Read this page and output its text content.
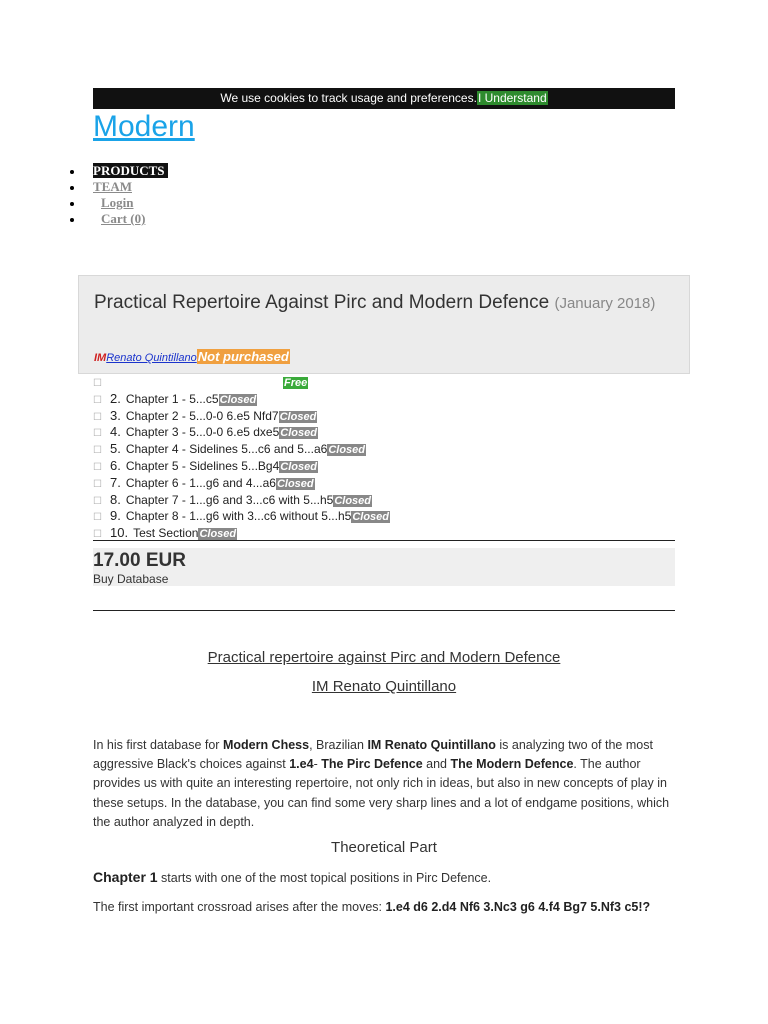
We use cookies to track usage and preferences.I Understand
Modern
PRODUCTS
TEAM
Login
Cart (0)
Practical Repertoire Against Pirc and Modern Defence (January 2018)
IMRenato QuintillanoNot purchased
☐	Free
☐ 2. Chapter 1 - 5...c5Closed
☐ 3. Chapter 2 - 5...0-0 6.e5 Nfd7Closed
☐ 4. Chapter 3 - 5...0-0 6.e5 dxe5Closed
☐ 5. Chapter 4 - Sidelines 5...c6 and 5...a6Closed
☐ 6. Chapter 5 - Sidelines 5...Bg4Closed
☐ 7. Chapter 6 - 1...g6 and 4...a6Closed
☐ 8. Chapter 7 - 1...g6 and 3...c6 with 5...h5Closed
☐ 9. Chapter 8 - 1...g6 with 3...c6 without 5...h5Closed
☐ 10. Test SectionClosed
17.00 EUR
Buy Database
Practical repertoire against Pirc and Modern Defence
IM Renato Quintillano

In his first database for Modern Chess, Brazilian IM Renato Quintillano is analyzing two of the most aggressive Black's choices against 1.e4- The Pirc Defence and The Modern Defence. The author provides us with quite an interesting repertoire, not only rich in ideas, but also in new concepts of play in these setups. In the database, you can find some very sharp lines and a lot of endgame positions, which the author analyzed in depth.

Theoretical Part

Chapter 1 starts with one of the most topical positions in Pirc Defence.

The first important crossroad arises after the moves: 1.e4 d6 2.d4 Nf6 3.Nc3 g6 4.f4 Bg7 5.Nf3 c5!?
